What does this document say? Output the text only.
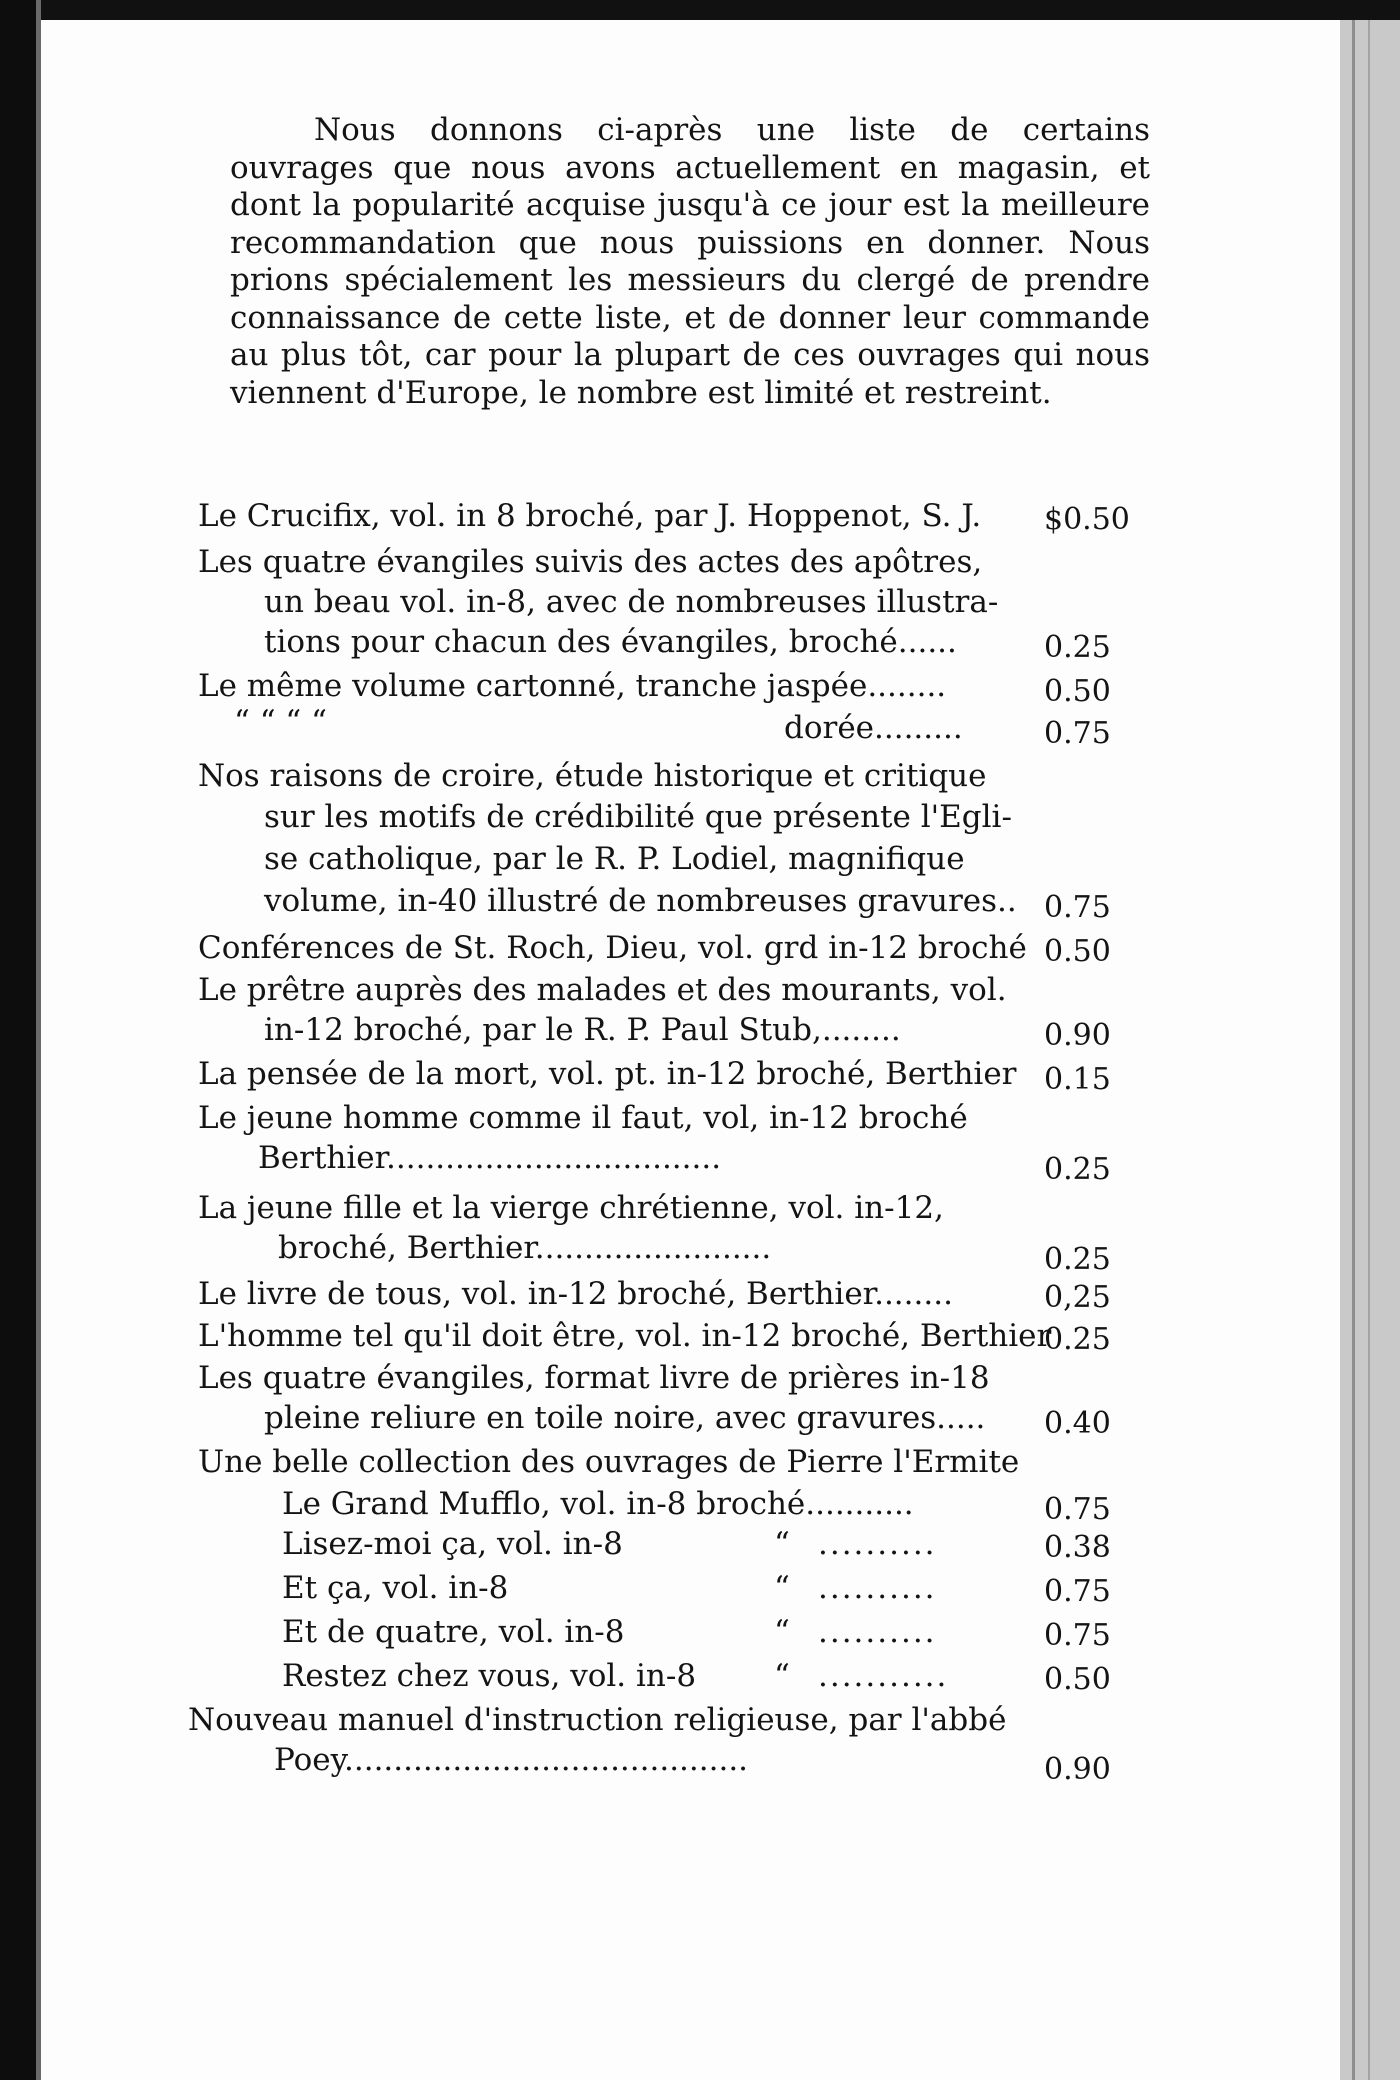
Nous donnons ci-après une liste de certains ouvrages que nous avons actuellement en magasin, et dont la popularité acquise jusqu'à ce jour est la meilleure recommandation que nous puissions en donner. Nous prions spécialement les messieurs du clergé de prendre connaissance de cette liste, et de donner leur commande au plus tôt, car pour la plupart de ces ouvrages qui nous viennent d'Europe, le nombre est limité et restreint.

Le Crucifix, vol. in 8 broché, par J. Hoppenot, S. J.	$0.50
Les quatre évangiles suivis des actes des apôtres,
un beau vol. in-8, avec de nombreuses illustra-
tions pour chacun des évangiles, broché......	0.25
Le même volume cartonné, tranche jaspée........	0.50
“ “ “ “	dorée.........	0.75
Nos raisons de croire, étude historique et critique
sur les motifs de crédibilité que présente l'Egli-
se catholique, par le R. P. Lodiel, magnifique
volume, in-40 illustré de nombreuses gravures.. 0.75
Conférences de St. Roch, Dieu, vol. grd in-12 broché 0.50
Le prêtre auprès des malades et des mourants, vol.
in-12 broché, par le R. P. Paul Stub,........	0.90
La pensée de la mort, vol. pt. in-12 broché, Berthier 0.15
Le jeune homme comme il faut, vol, in-12 broché
Berthier..................................	0.25
La jeune fille et la vierge chrétienne, vol. in-12,
broché, Berthier........................	0.25
Le livre de tous, vol. in-12 broché, Berthier........	0,25
L'homme tel qu'il doit être, vol. in-12 broché, Berthier
0.25
Les quatre évangiles, format livre de prières in-18
pleine reliure en toile noire, avec gravures.....	0.40
Une belle collection des ouvrages de Pierre l'Ermite
Le Grand Mufflo, vol. in-8 broché...........	0.75
Lisez-moi ça, vol. in-8	“ ..........	0.38
Et ça, vol. in-8	“ ..........	0.75
Et de quatre, vol. in-8	“ ..........	0.75
Restez chez vous, vol. in-8	“ ...........	0.50
Nouveau manuel d'instruction religieuse, par l'abbé
Poey.........................................	0.90
